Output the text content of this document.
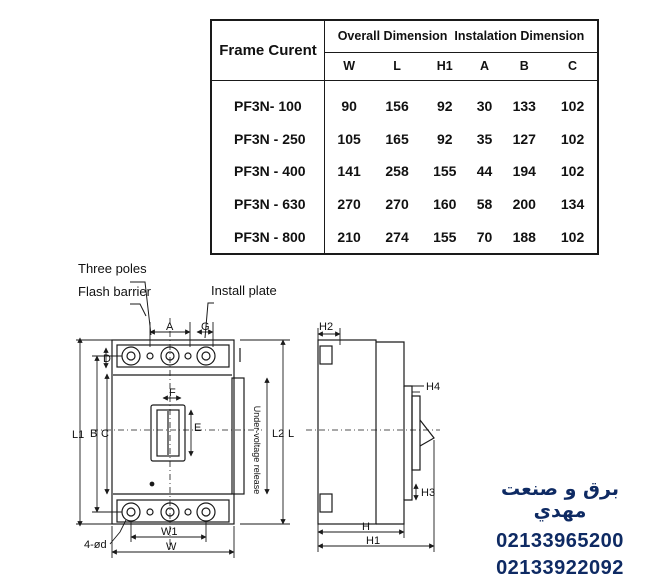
Frame Curent	Overall Dimension Instalation Dimension					
	W	L	H1	A	B	C
PF3N- 100	90	156	92	30	133	102
PF3N - 250	105	165	92	35	127	102
PF3N - 400	141	258	155	44	194	102
PF3N - 630	270	270	160	58	200	134
PF3N - 800	210	274	155	70	188	102
Three poles
Flash barrier	Install plate
A	G
D
F
E
L1 B C	L2 L
W1
W
4-ød
Under-voltage release
H2
H4
H3
H
H1
برق و صنعت مهدي
02133965200
02133922092
